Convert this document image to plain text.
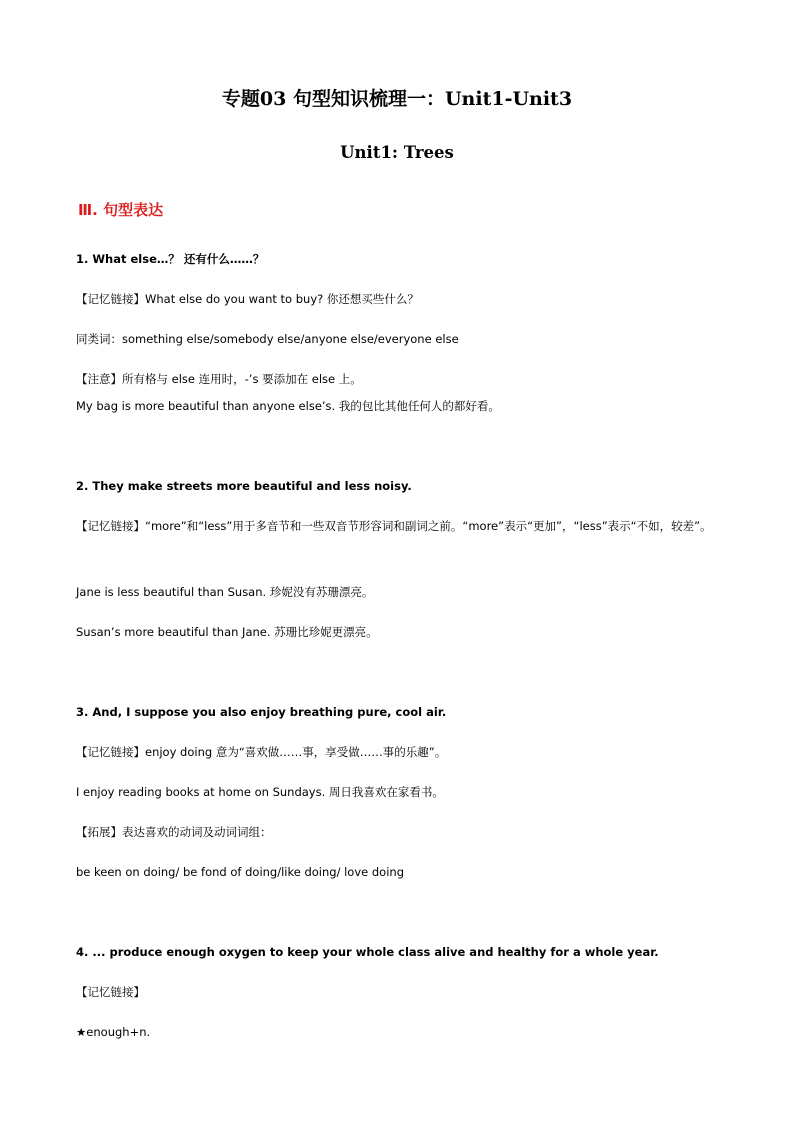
专题03 句型知识梳理一：Unit1-Unit3
Unit1: Trees
Ⅲ. 句型表达
1. What else…？ 还有什么……？
【记忆链接】What else do you want to buy? 你还想买些什么？
同类词：something else/somebody else/anyone else/everyone else
【注意】所有格与 else 连用时，-’s 要添加在 else 上。
My bag is more beautiful than anyone else’s. 我的包比其他任何人的都好看。
2. They make streets more beautiful and less noisy.
【记忆链接】“more”和“less”用于多音节和一些双音节形容词和副词之前。“more”表示“更加”，“less”表示“不如，较差”。
Jane is less beautiful than Susan. 珍妮没有苏珊漂亮。
Susan’s more beautiful than Jane. 苏珊比珍妮更漂亮。
3. And, I suppose you also enjoy breathing pure, cool air.
【记忆链接】enjoy doing 意为“喜欢做……事，享受做……事的乐趣”。
I enjoy reading books at home on Sundays. 周日我喜欢在家看书。
【拓展】表达喜欢的动词及动词词组：
be keen on doing/ be fond of doing/like doing/ love doing
4. ... produce enough oxygen to keep your whole class alive and healthy for a whole year.
【记忆链接】
★enough+n.
